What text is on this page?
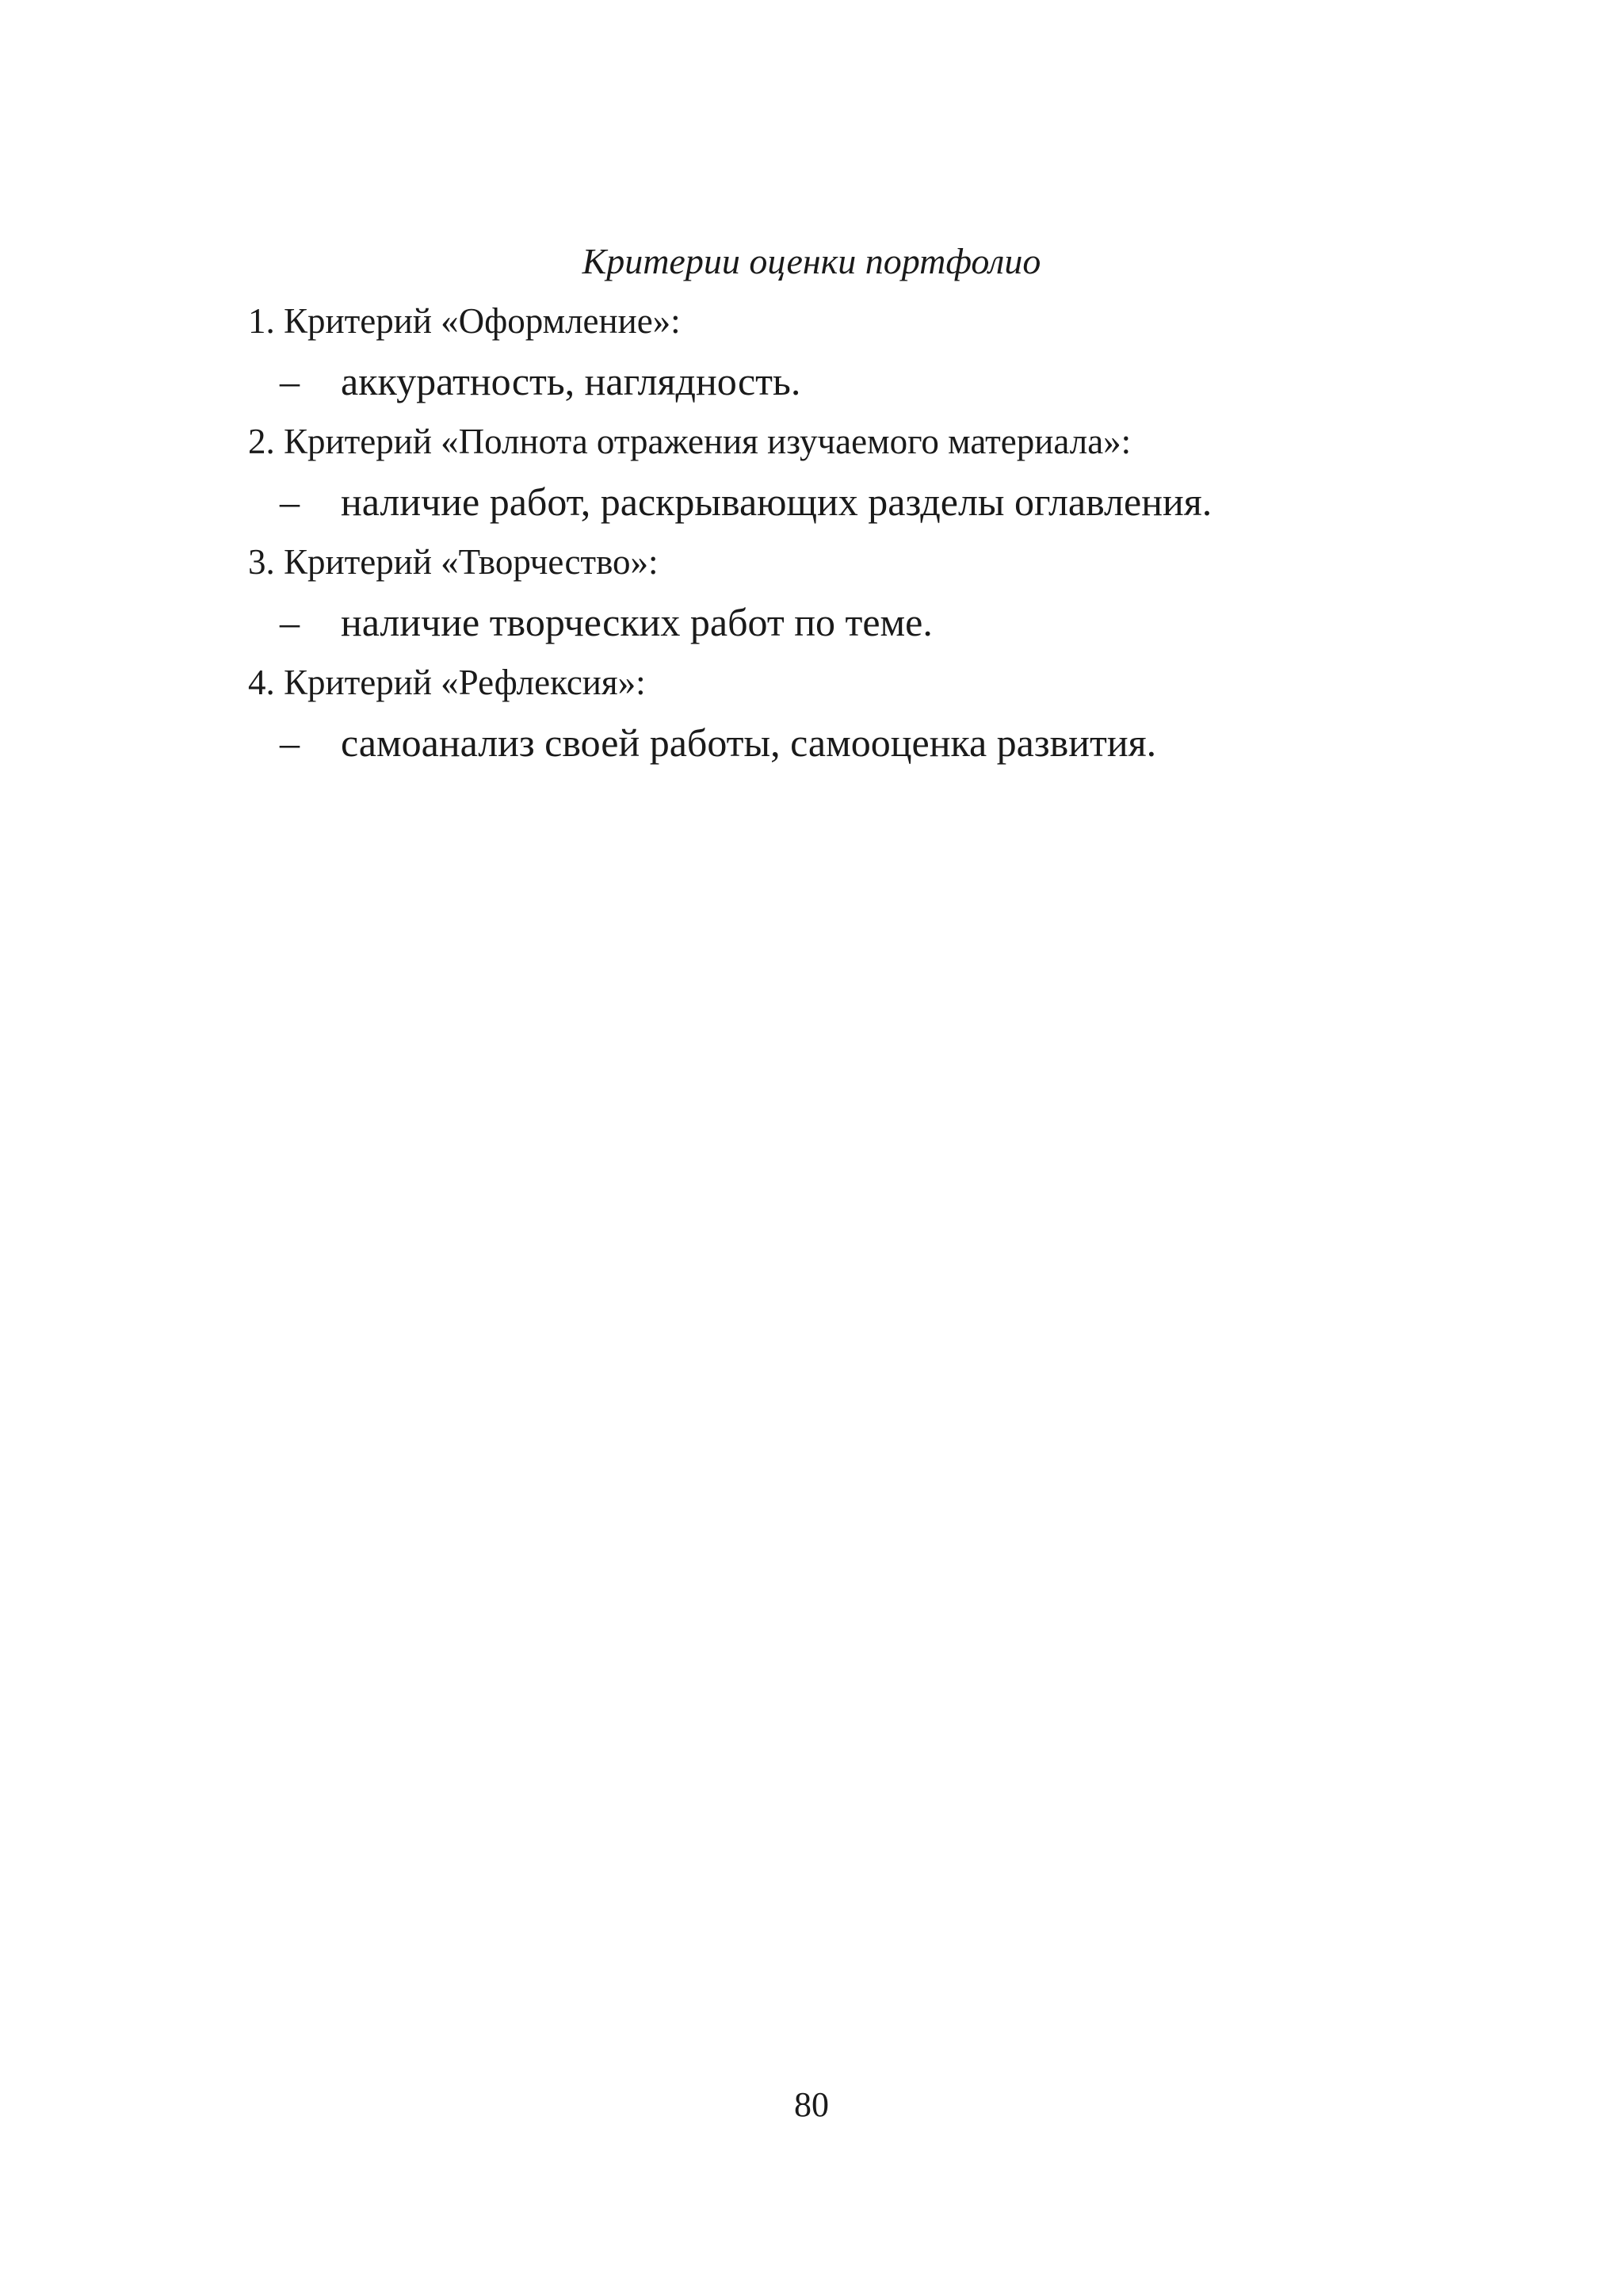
Критерии оценки портфолио
1. Критерий «Оформление»:
– аккуратность, наглядность.
2. Критерий «Полнота отражения изучаемого материала»:
– наличие работ, раскрывающих разделы оглавления.
3. Критерий «Творчество»:
– наличие творческих работ по теме.
4. Критерий «Рефлексия»:
– самоанализ своей работы, самооценка развития.
80
